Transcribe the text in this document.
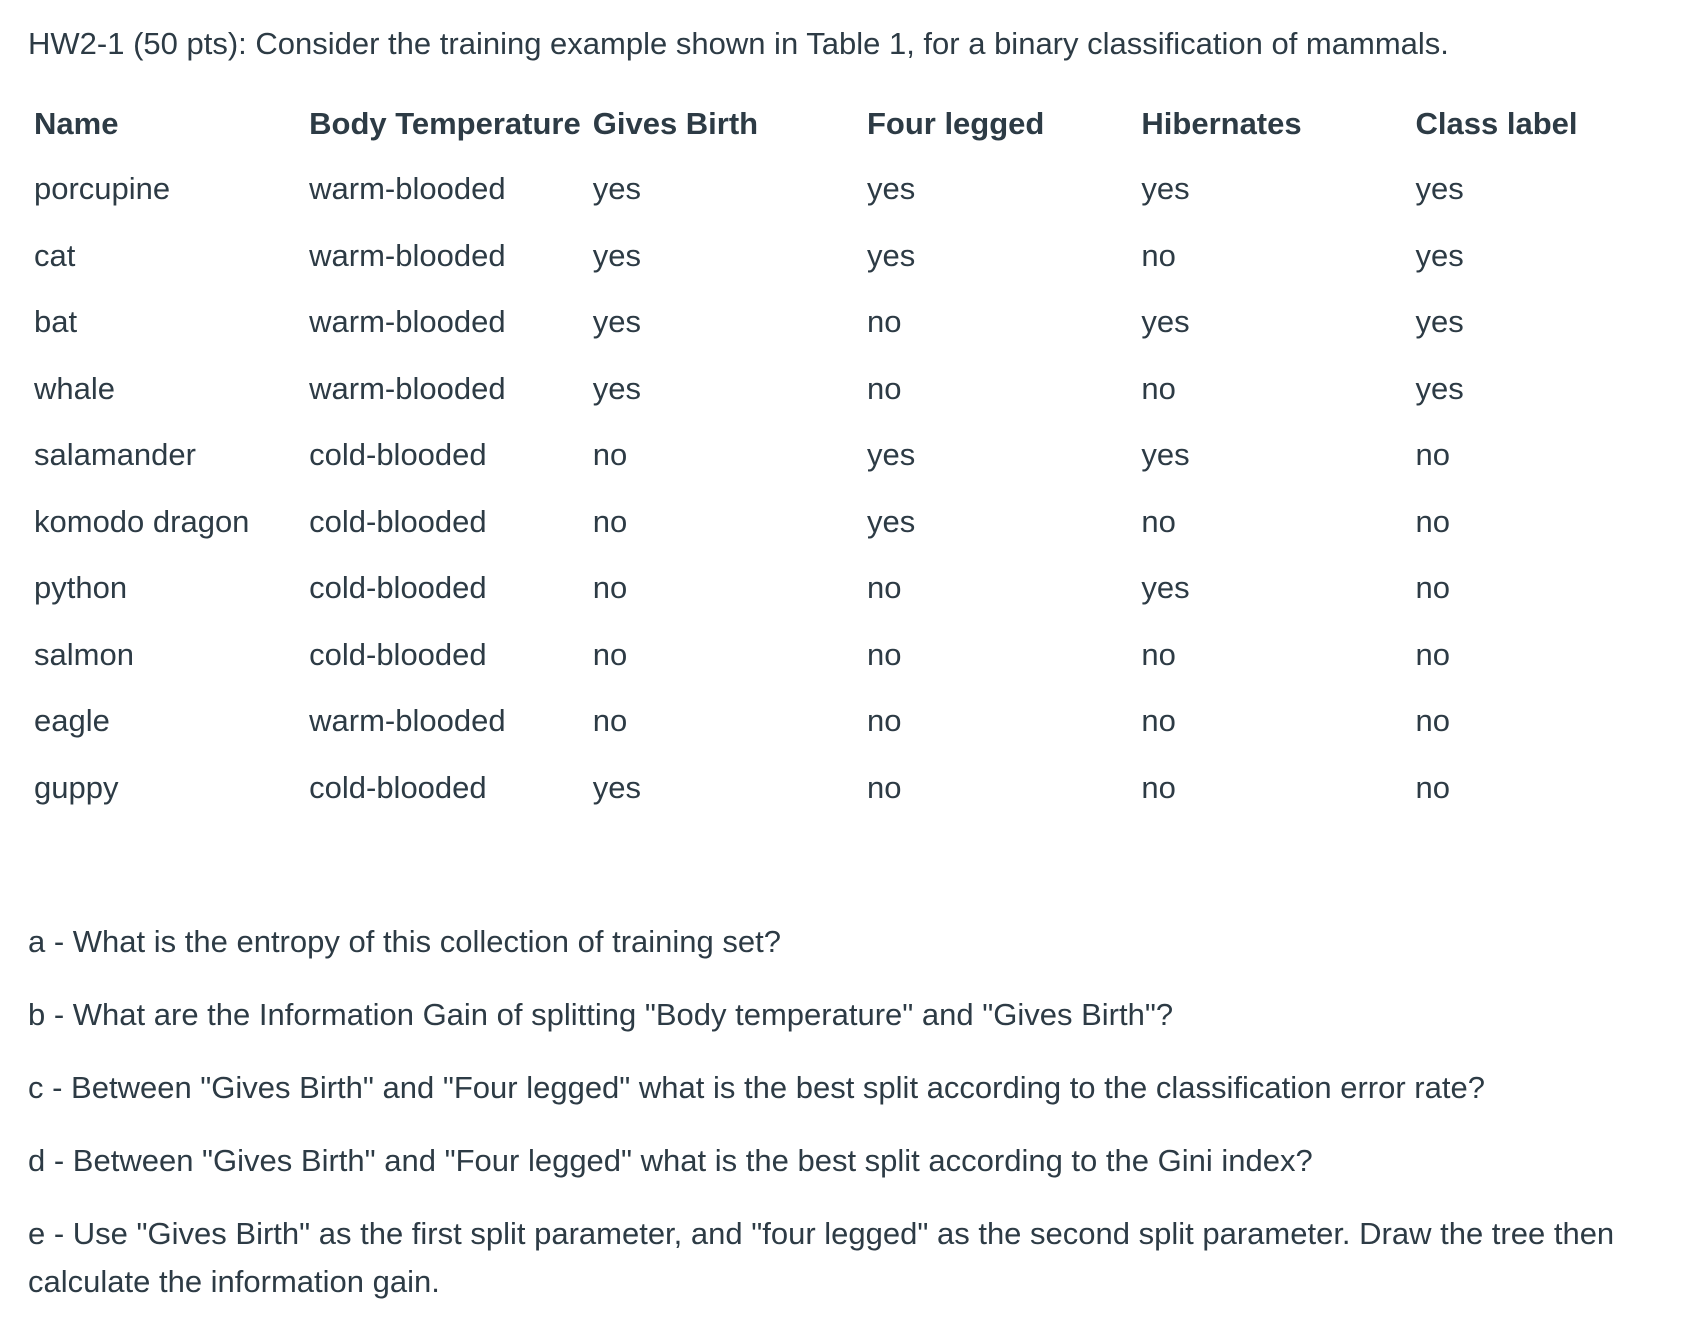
HW2-1 (50 pts): Consider the training example shown in Table 1, for a binary classification of mammals.
Name	Body Temperature	Gives Birth	Four legged	Hibernates	Class label
porcupine	warm-blooded	yes	yes	yes	yes
cat	warm-blooded	yes	yes	no	yes
bat	warm-blooded	yes	no	yes	yes
whale	warm-blooded	yes	no	no	yes
salamander	cold-blooded	no	yes	yes	no
komodo dragon	cold-blooded	no	yes	no	no
python	cold-blooded	no	no	yes	no
salmon	cold-blooded	no	no	no	no
eagle	warm-blooded	no	no	no	no
guppy	cold-blooded	yes	no	no	no

a - What is the entropy of this collection of training set?

b - What are the Information Gain of splitting "Body temperature" and "Gives Birth"?

c - Between "Gives Birth" and "Four legged" what is the best split according to the classification error rate?

d - Between "Gives Birth" and "Four legged" what is the best split according to the Gini index?

e - Use "Gives Birth" as the first split parameter, and "four legged" as the second split parameter. Draw the tree then calculate the information gain.
